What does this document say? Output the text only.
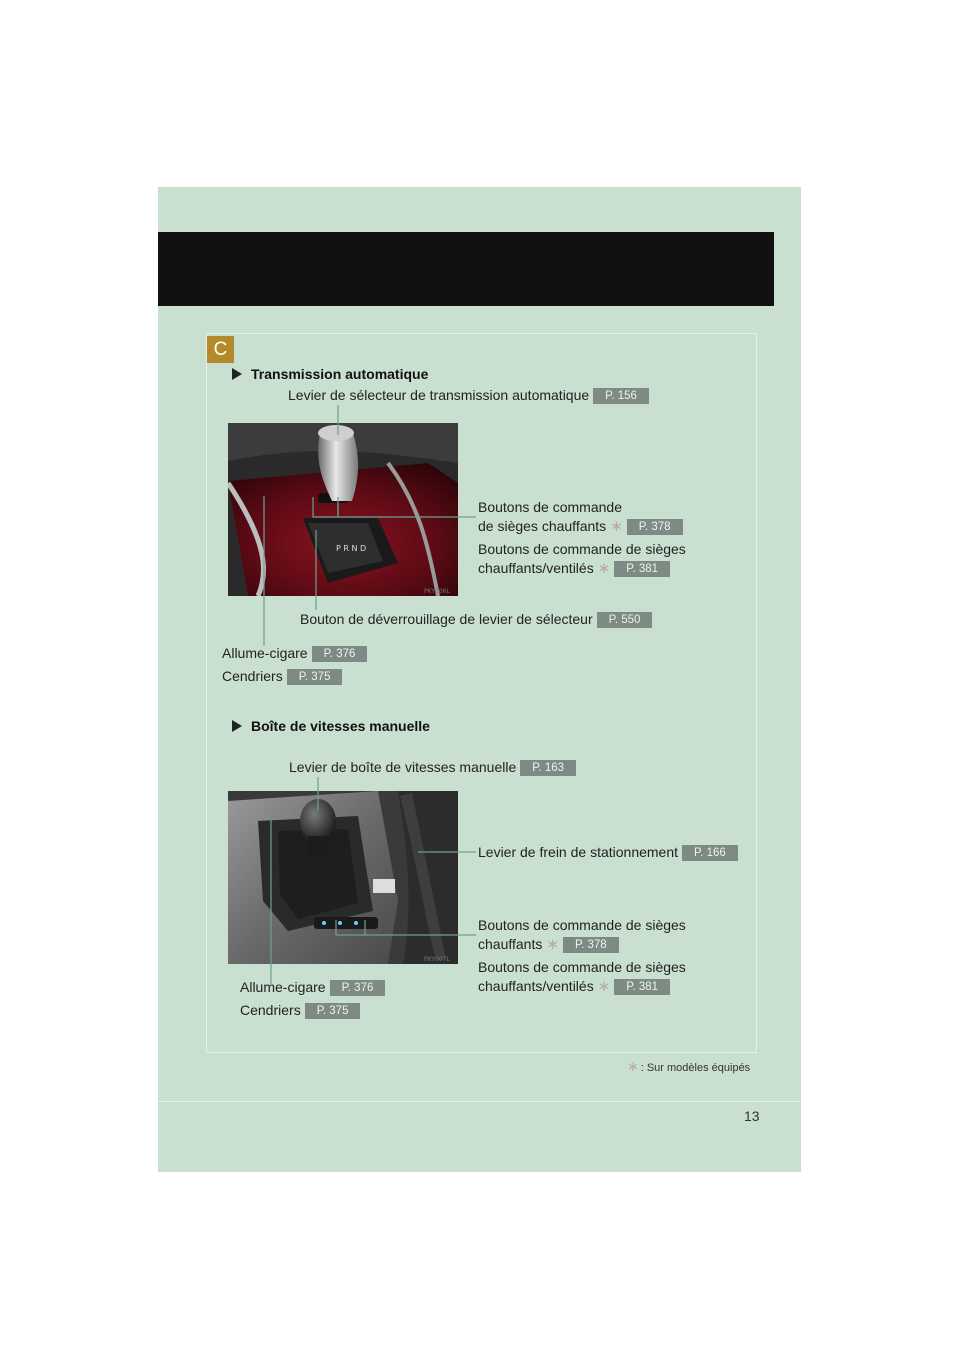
C
Transmission automatique
Levier de sélecteur de transmission automatique P. 156
P R N D
PKY006L
Boutons de commande
de sièges chauffants ∗ P. 378
Boutons de commande de sièges
chauffants/ventilés ∗ P. 381
Bouton de déverrouillage de levier de sélecteur P. 550
Allume-cigare P. 376
Cendriers P. 375
Boîte de vitesses manuelle
Levier de boîte de vitesses manuelle P. 163
PKY007L
Levier de frein de stationnement P. 166
Boutons de commande de sièges
chauffants ∗ P. 378
Boutons de commande de sièges
chauffants/ventilés ∗ P. 381
Allume-cigare P. 376
Cendriers P. 375
∗ : Sur modèles équipés
13
